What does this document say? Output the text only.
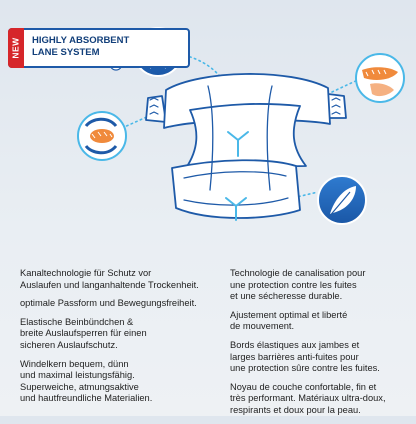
NEW HIGHLY ABSORBENT
LANE SYSTEM

Kanaltechnologie für Schutz vor
Auslaufen und langanhaltende Trockenheit.

optimale Passform und Bewegungsfreiheit.

Elastische Beinbündchen &
breite Auslaufsperren für einen
sicheren Auslaufschutz.

Windelkern bequem, dünn
und maximal leistungsfähig.
Superweiche, atmungsaktive
und hautfreundliche Materialien.

Technologie de canalisation pour
une protection contre les fuites
et une sécheresse durable.

Ajustement optimal et liberté
de mouvement.

Bords élastiques aux jambes et
larges barrières anti-fuites pour
une protection sûre contre les fuites.

Noyau de couche confortable, fin et
très performant. Matériaux ultra-doux,
respirants et doux pour la peau.
